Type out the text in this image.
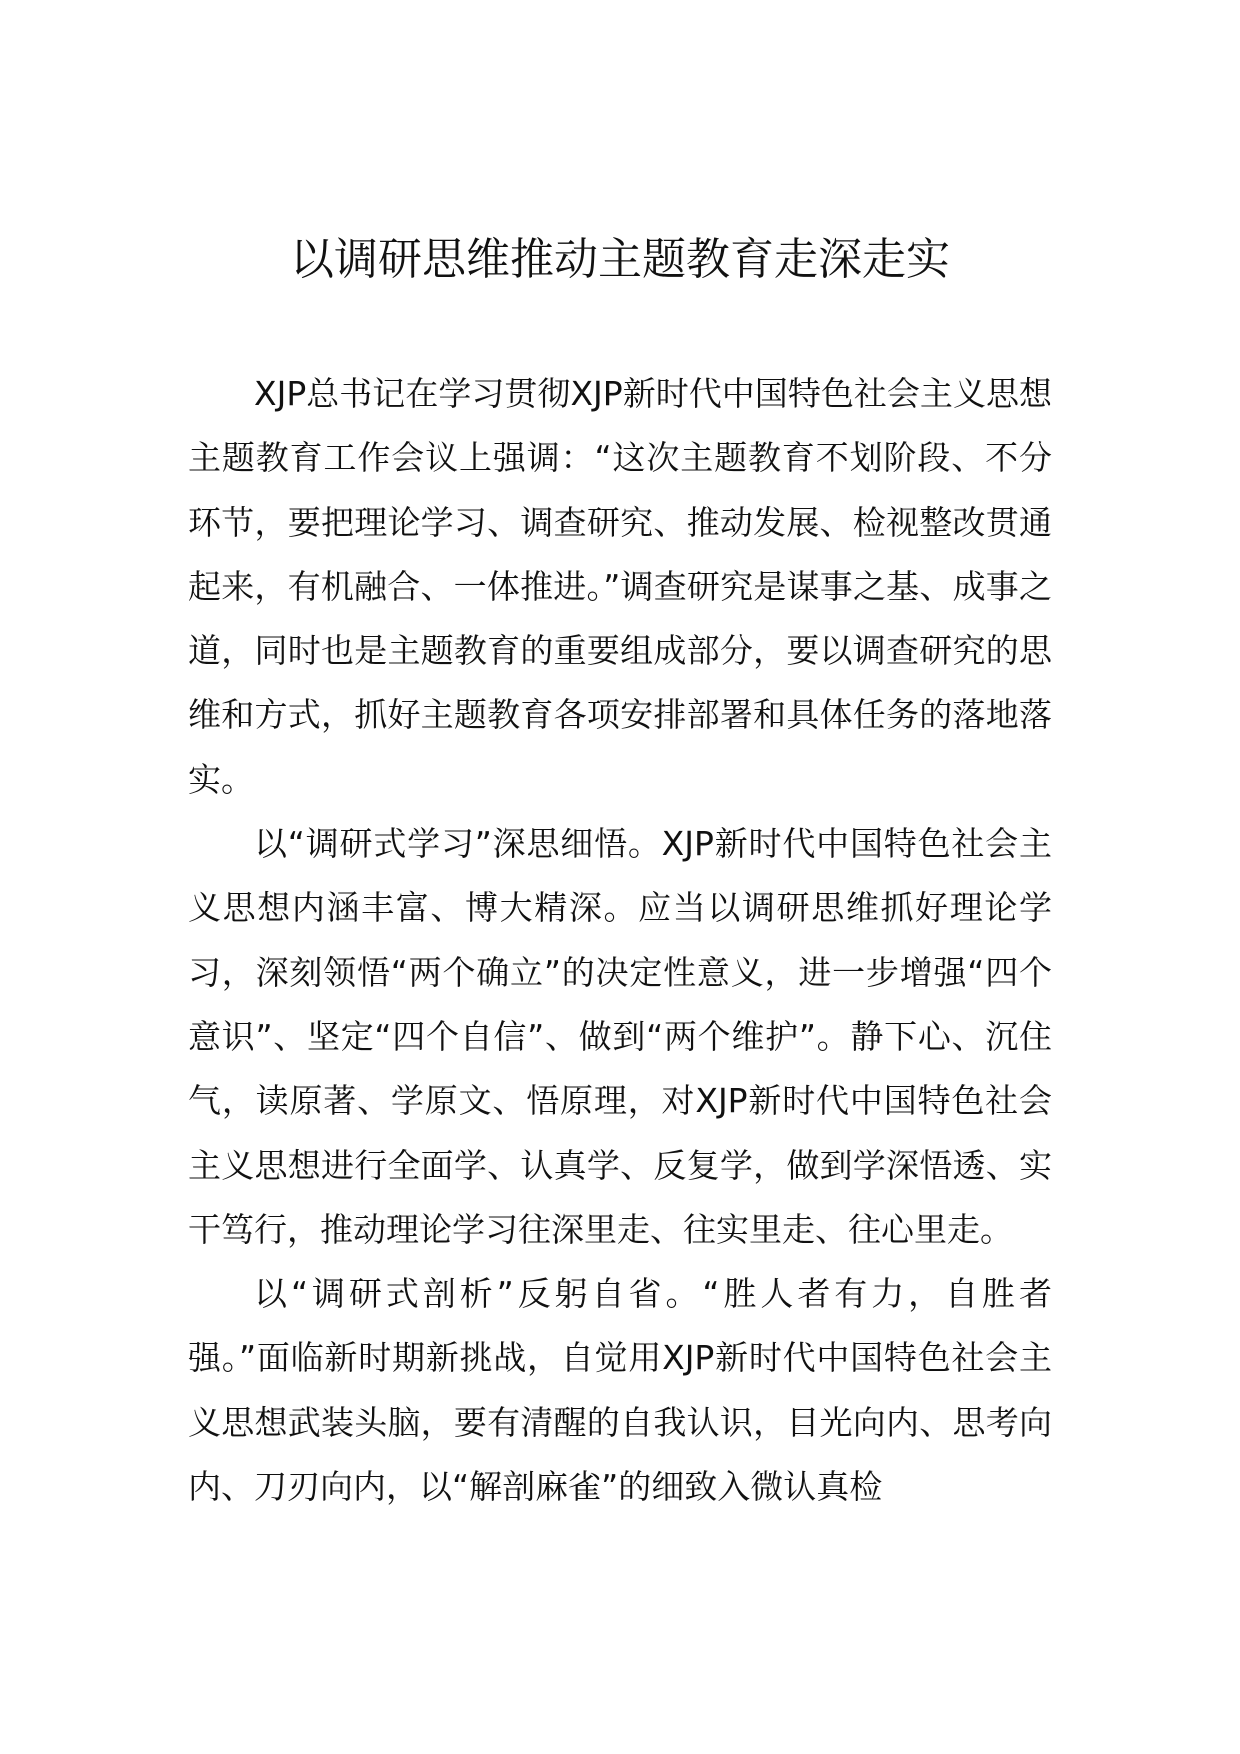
以调研思维推动主题教育走深走实

XJP总书记在学习贯彻XJP新时代中国特色社会主义思想主题教育工作会议上强调：“这次主题教育不划阶段、不分环节，要把理论学习、调查研究、推动发展、检视整改贯通起来，有机融合、一体推进。”调查研究是谋事之基、成事之道，同时也是主题教育的重要组成部分，要以调查研究的思维和方式，抓好主题教育各项安排部署和具体任务的落地落实。

以“调研式学习”深思细悟。XJP新时代中国特色社会主义思想内涵丰富、博大精深。应当以调研思维抓好理论学习，深刻领悟“两个确立”的决定性意义，进一步增强“四个意识”、坚定“四个自信”、做到“两个维护”。静下心、沉住气，读原著、学原文、悟原理，对XJP新时代中国特色社会主义思想进行全面学、认真学、反复学，做到学深悟透、实干笃行，推动理论学习往深里走、往实里走、往心里走。

以“调研式剖析”反躬自省。“胜人者有力，自胜者强。”面临新时期新挑战，自觉用XJP新时代中国特色社会主义思想武装头脑，要有清醒的自我认识，目光向内、思考向内、刀刃向内，以“解剖麻雀”的细致入微认真检
